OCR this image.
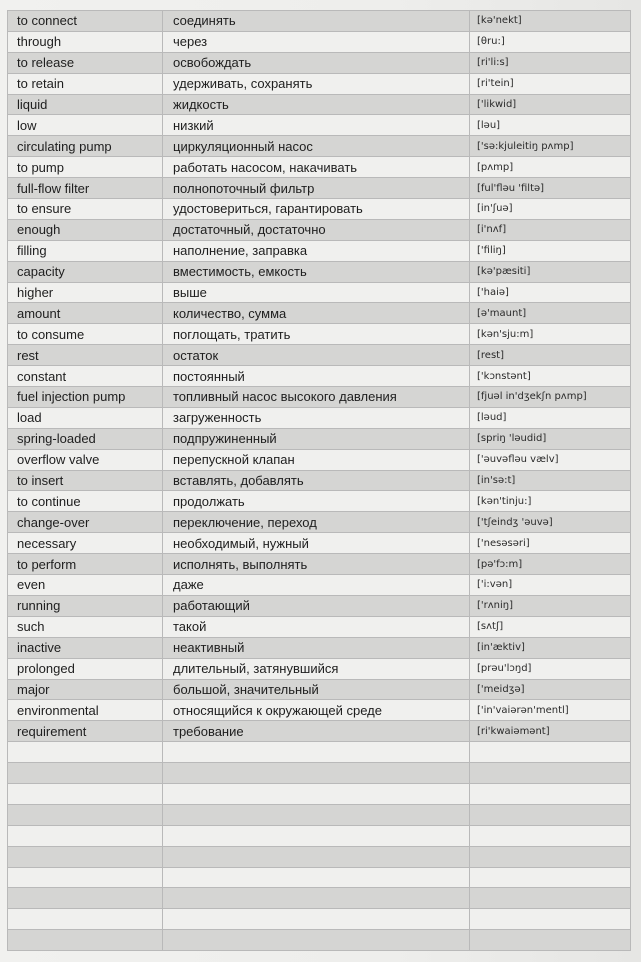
to connect	соединять	[kə'nekt]
through	через	[θru:]
to release	освобождать	[ri'li:s]
to retain	удерживать, сохранять	[ri'tein]
liquid	жидкость	['likwid]
low	низкий	[ləu]
circulating pump	циркуляционный насос	['sə:kjuleitiŋ pʌmp]
to pump	работать насосом, накачивать	[pʌmp]
full-flow filter	полнопоточный фильтр	[ful'fləu 'filtə]
to ensure	удостовериться, гарантировать	[in'ʃuə]
enough	достаточный, достаточно	[i'nʌf]
filling	наполнение, заправка	['filiŋ]
capacity	вместимость, емкость	[kə'pæsiti]
higher	выше	['haiə]
amount	количество, сумма	[ə'maunt]
to consume	поглощать, тратить	[kən'sju:m]
rest	остаток	[rest]
constant	постоянный	['kɔnstənt]
fuel injection pump	топливный насос высокого давления	[fjuəl in'dʒekʃn pʌmp]
load	загруженность	[ləud]
spring-loaded	подпружиненный	[spriŋ 'ləudid]
overflow valve	перепускной клапан	['əuvəfləu vælv]
to insert	вставлять, добавлять	[in'sə:t]
to continue	продолжать	[kən'tinju:]
change-over	переключение, переход	['tʃeindʒ 'əuvə]
necessary	необходимый, нужный	['nesəsəri]
to perform	исполнять, выполнять	[pə'fɔ:m]
even	даже	['i:vən]
running	работающий	['rʌniŋ]
such	такой	[sʌtʃ]
inactive	неактивный	[in'æktiv]
prolonged	длительный, затянувшийся	[prəu'lɔŋd]
major	большой, значительный	['meidʒə]
environmental	относящийся к окружающей среде	['in'vaiərən'mentl]
requirement	требование	[ri'kwaiəmənt]
